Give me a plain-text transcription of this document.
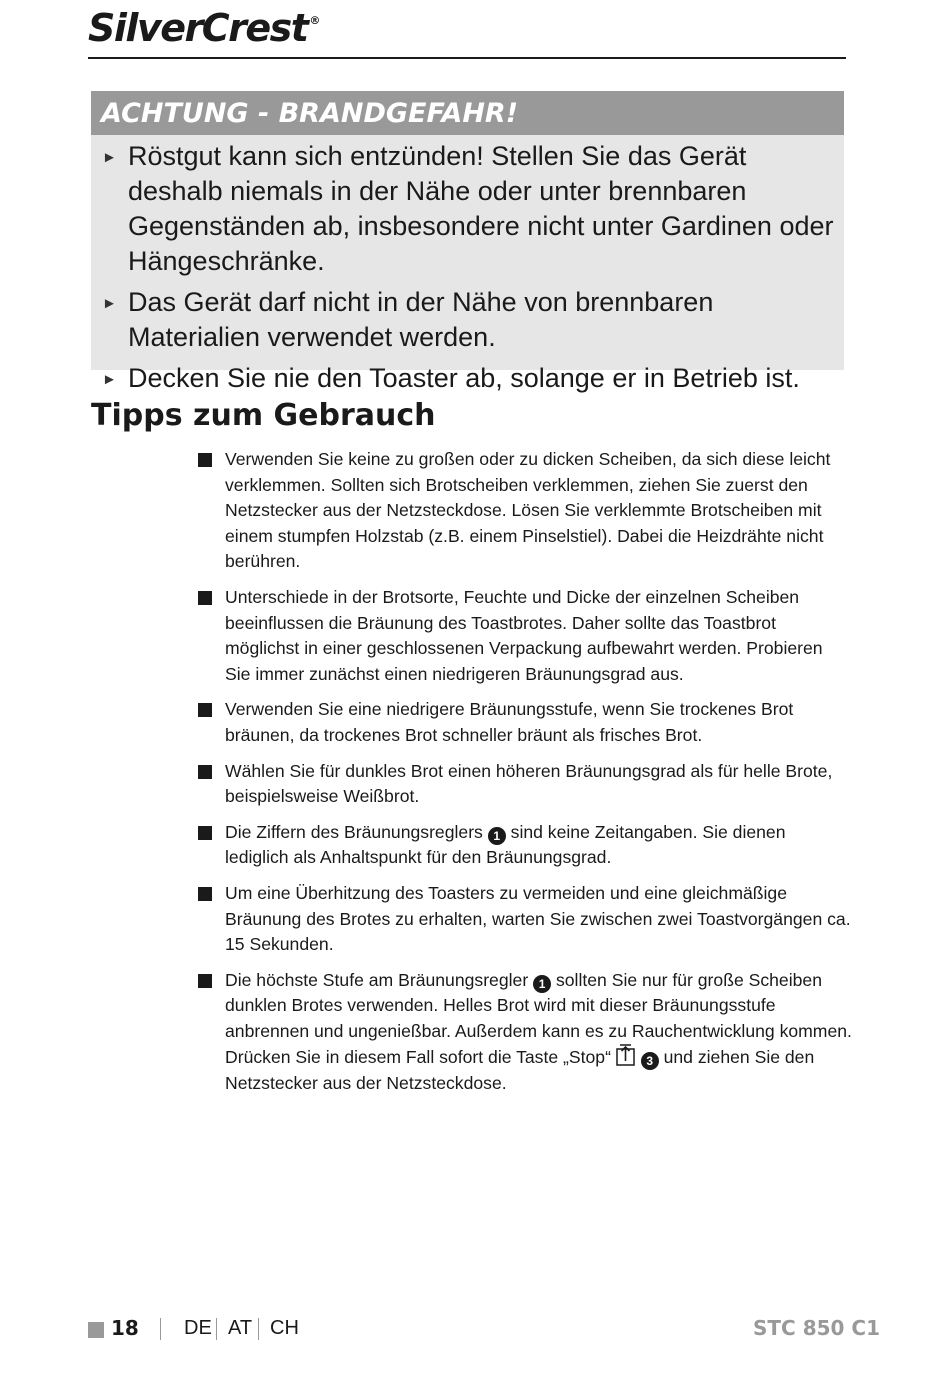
SilverCrest ®
ACHTUNG - BRANDGEFAHR!
► Röstgut kann sich entzünden! Stellen Sie das Gerät deshalb niemals in der Nähe oder unter brennbaren Gegenständen ab, insbesondere nicht unter Gardinen oder Hängeschränke.
► Das Gerät darf nicht in der Nähe von brennbaren Materialien verwendet werden.
► Decken Sie nie den Toaster ab, solange er in Betrieb ist.
Tipps zum Gebrauch
Verwenden Sie keine zu großen oder zu dicken Scheiben, da sich diese leicht verklemmen. Sollten sich Brotscheiben verklemmen, ziehen Sie zuerst den Netzstecker aus der Netzsteckdose. Lösen Sie verklemmte Brotscheiben mit einem stumpfen Holzstab (z.B. einem Pinselstiel). Dabei die Heizdrähte nicht berühren.
Unterschiede in der Brotsorte, Feuchte und Dicke der einzelnen Scheiben beeinflussen die Bräunung des Toastbrotes. Daher sollte das Toastbrot möglichst in einer geschlossenen Verpackung aufbewahrt werden. Probieren Sie immer zunächst einen niedrigeren Bräunungsgrad aus.
Verwenden Sie eine niedrigere Bräunungsstufe, wenn Sie trockenes Brot bräunen, da trockenes Brot schneller bräunt als frisches Brot.
Wählen Sie für dunkles Brot einen höheren Bräunungsgrad als für helle Brote, beispielsweise Weißbrot.
Die Ziffern des Bräunungsreglers 1 sind keine Zeitangaben. Sie dienen lediglich als Anhaltspunkt für den Bräunungsgrad.
Um eine Überhitzung des Toasters zu vermeiden und eine gleichmäßige Bräunung des Brotes zu erhalten, warten Sie zwischen zwei Toastvorgängen ca. 15 Sekunden.
Die höchste Stufe am Bräunungsregler 1 sollten Sie nur für große Scheiben dunklen Brotes verwenden. Helles Brot wird mit dieser Bräunungsstufe anbrennen und ungenießbar. Außerdem kann es zu Rauchentwicklung kommen. Drücken Sie in diesem Fall sofort die Taste „Stop“	3 und ziehen Sie den Netzstecker aus der Netzsteckdose.
18 DE AT CH	STC 850 C1
